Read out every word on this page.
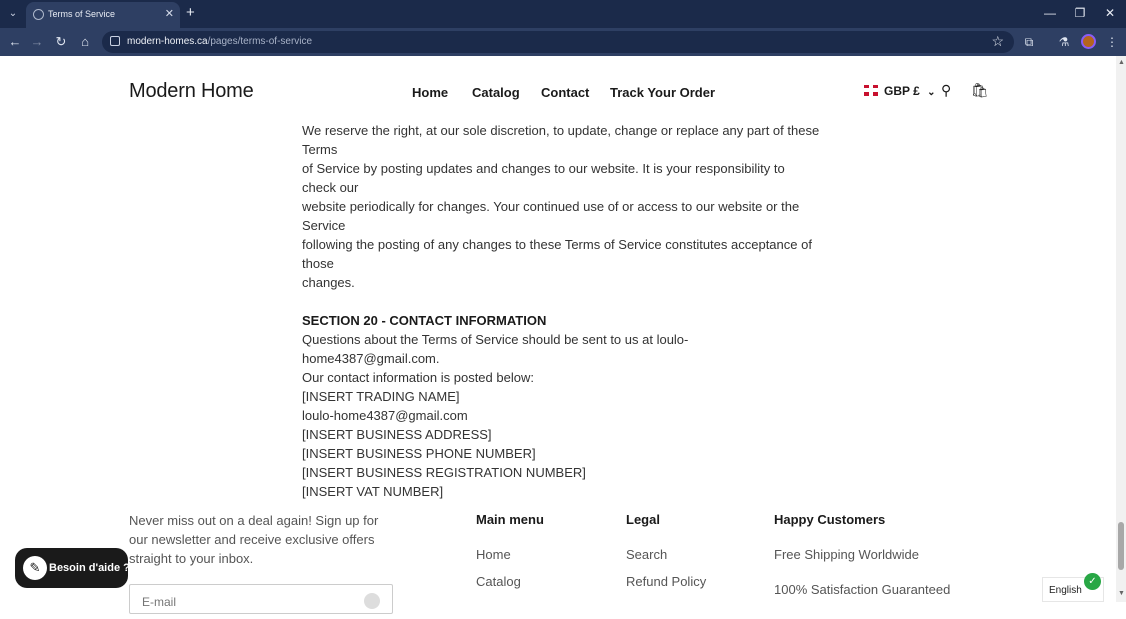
⌄	Terms of Service	✕ +	—	❐	✕
← → ↻	⌂	modern-homes.ca/pages/terms-of-service	☆	⧉	⚗	⋮
Modern Home	Home Catalog Contact Track Your Order	GBP £ ⌄ ⚲ 🛍
▲
▼

We reserve the right, at our sole discretion, to update, change or replace any part of these Terms

of Service by posting updates and changes to our website. It is your responsibility to check our

website periodically for changes. Your continued use of or access to our website or the Service

following the posting of any changes to these Terms of Service constitutes acceptance of those

changes.

SECTION 20 - CONTACT INFORMATION

Questions about the Terms of Service should be sent to us at loulo-home4387@gmail.com.

Our contact information is posted below:

[INSERT TRADING NAME]

loulo-home4387@gmail.com

[INSERT BUSINESS ADDRESS]

[INSERT BUSINESS PHONE NUMBER]

[INSERT BUSINESS REGISTRATION NUMBER]

[INSERT VAT NUMBER]

Never miss out on a deal again! Sign up for our newsletter and receive exclusive offers straight to your inbox.
E-mail
Main menu
Home
Catalog
Legal
Search
Refund Policy
Happy Customers
Free Shipping Worldwide
100% Satisfaction Guaranteed
✎ Besoin d'aide ?
English
✓
